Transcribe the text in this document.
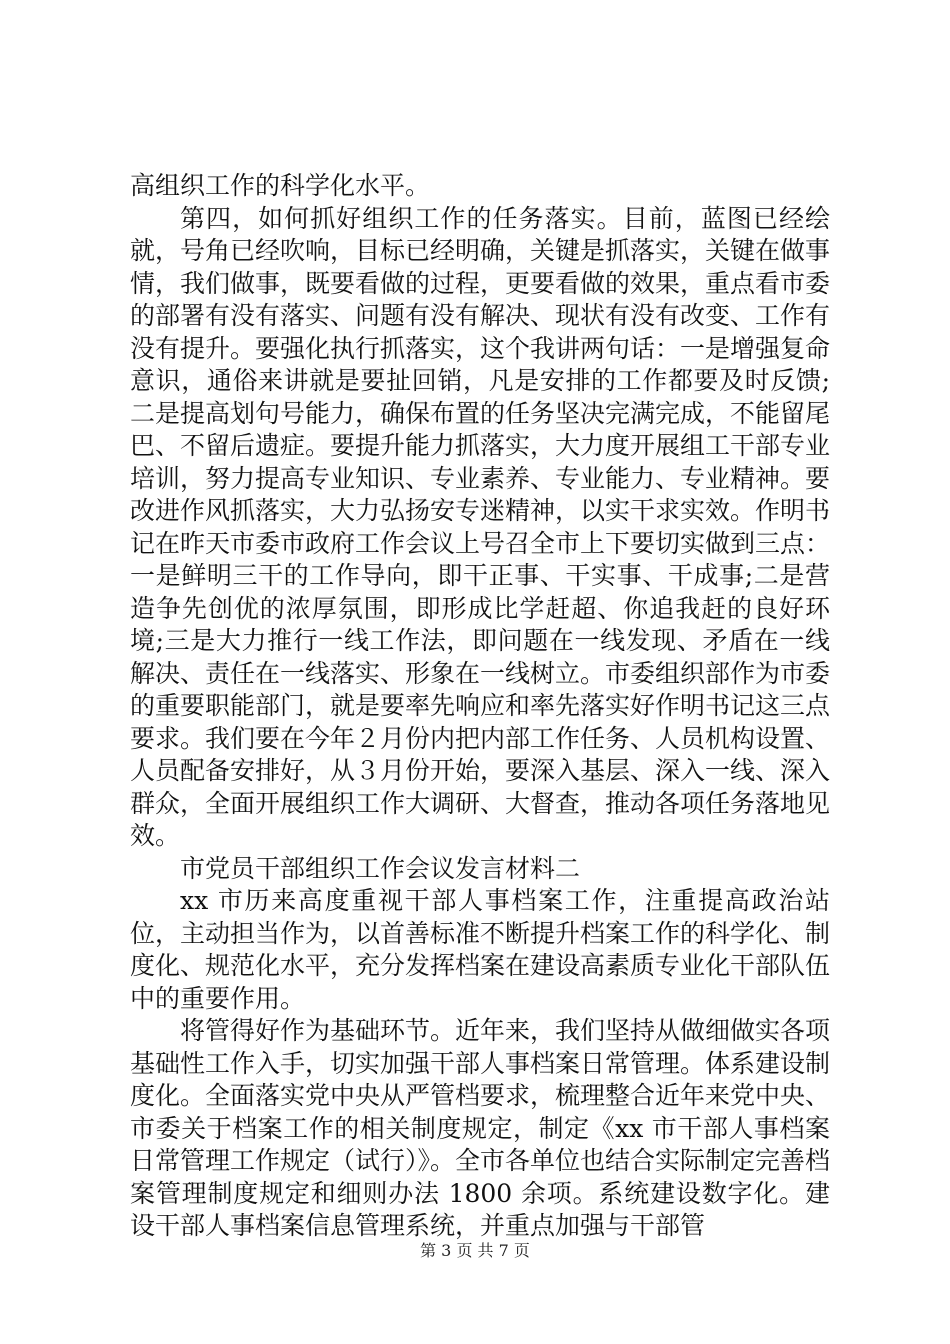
高组织工作的科学化水平。

第四，如何抓好组织工作的任务落实。目前，蓝图已经绘就，号角已经吹响，目标已经明确，关键是抓落实，关键在做事情，我们做事，既要看做的过程，更要看做的效果，重点看市委的部署有没有落实、问题有没有解决、现状有没有改变、工作有没有提升。要强化执行抓落实，这个我讲两句话：一是增强复命意识，通俗来讲就是要扯回销，凡是安排的工作都要及时反馈;二是提高划句号能力，确保布置的任务坚决完满完成，不能留尾巴、不留后遗症。要提升能力抓落实，大力度开展组工干部专业培训，努力提高专业知识、专业素养、专业能力、专业精神。要改进作风抓落实，大力弘扬安专迷精神，以实干求实效。作明书记在昨天市委市政府工作会议上号召全市上下要切实做到三点：一是鲜明三干的工作导向，即干正事、干实事、干成事;二是营造争先创优的浓厚氛围，即形成比学赶超、你追我赶的良好环境;三是大力推行一线工作法，即问题在一线发现、矛盾在一线解决、责任在一线落实、形象在一线树立。市委组织部作为市委的重要职能部门，就是要率先响应和率先落实好作明书记这三点要求。我们要在今年２月份内把内部工作任务、人员机构设置、人员配备安排好，从３月份开始，要深入基层、深入一线、深入群众，全面开展组织工作大调研、大督查，推动各项任务落地见效。

市党员干部组织工作会议发言材料二

xx 市历来高度重视干部人事档案工作，注重提高政治站位，主动担当作为，以首善标准不断提升档案工作的科学化、制度化、规范化水平，充分发挥档案在建设高素质专业化干部队伍中的重要作用。

将管得好作为基础环节。近年来，我们坚持从做细做实各项基础性工作入手，切实加强干部人事档案日常管理。体系建设制度化。全面落实党中央从严管档要求，梳理整合近年来党中央、市委关于档案工作的相关制度规定，制定《xx 市干部人事档案日常管理工作规定（试行）》。全市各单位也结合实际制定完善档案管理制度规定和细则办法 1800 余项。系统建设数字化。建设干部人事档案信息管理系统，并重点加强与干部管

第 3 页 共 7 页
